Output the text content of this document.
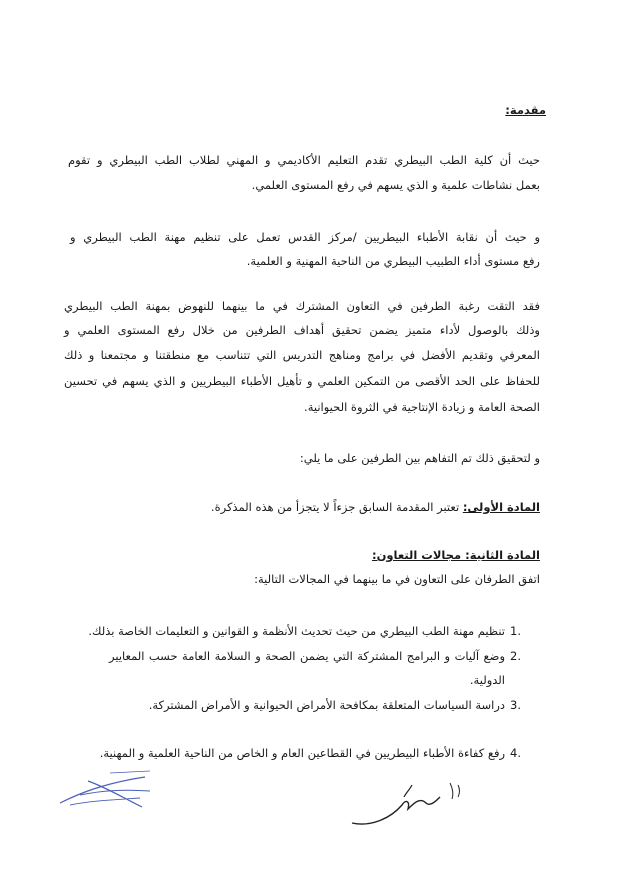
مقدمة:
حيث أن كلية الطب البيطري تقدم التعليم الأكاديمي و المهني لطلاب الطب البيطري و تقوم
بعمل نشاطات علمية و الذي يسهم في رفع المستوى العلمي.
و حيث أن نقابة الأطباء البيطريين /مركز القدس تعمل على تنظيم مهنة الطب البيطري و
رفع مستوى أداء الطبيب البيطري من الناحية المهنية و العلمية.
فقد التقت رغبة الطرفين في التعاون المشترك في ما بينهما للنهوض بمهنة الطب البيطري
وذلك بالوصول لأداء متميز يضمن تحقيق أهداف الطرفين من خلال رفع المستوى العلمي و
المعرفي وتقديم الأفضل في برامج ومناهج التدريس التي تتناسب مع منطقتنا و مجتمعنا و ذلك
للحفاظ على الحد الأقصى من التمكين العلمي و تأهيل الأطباء البيطريين و الذي يسهم في تحسين
الصحة العامة و زيادة الإنتاجية في الثروة الحيوانية.
و لتحقيق ذلك تم التفاهم بين الطرفين على ما يلي:
المادة الأولى: تعتبر المقدمة السابق جزءاً لا يتجزأ من هذه المذكرة.
المادة الثانية: مجالات التعاون:
اتفق الطرفان على التعاون في ما بينهما في المجالات التالية:
1.
تنظيم مهنة الطب البيطري من حيث تحديث الأنظمة و القوانين و التعليمات الخاصة بذلك.
2.
وضع آليات و البرامج المشتركة التي يضمن الصحة و السلامة العامة حسب المعايير
الدولية.
3.
دراسة السياسات المتعلقة بمكافحة الأمراض الحيوانية و الأمراض المشتركة.
4.
رفع كفاءة الأطباء البيطريين في القطاعين العام و الخاص من الناحية العلمية و المهنية.
